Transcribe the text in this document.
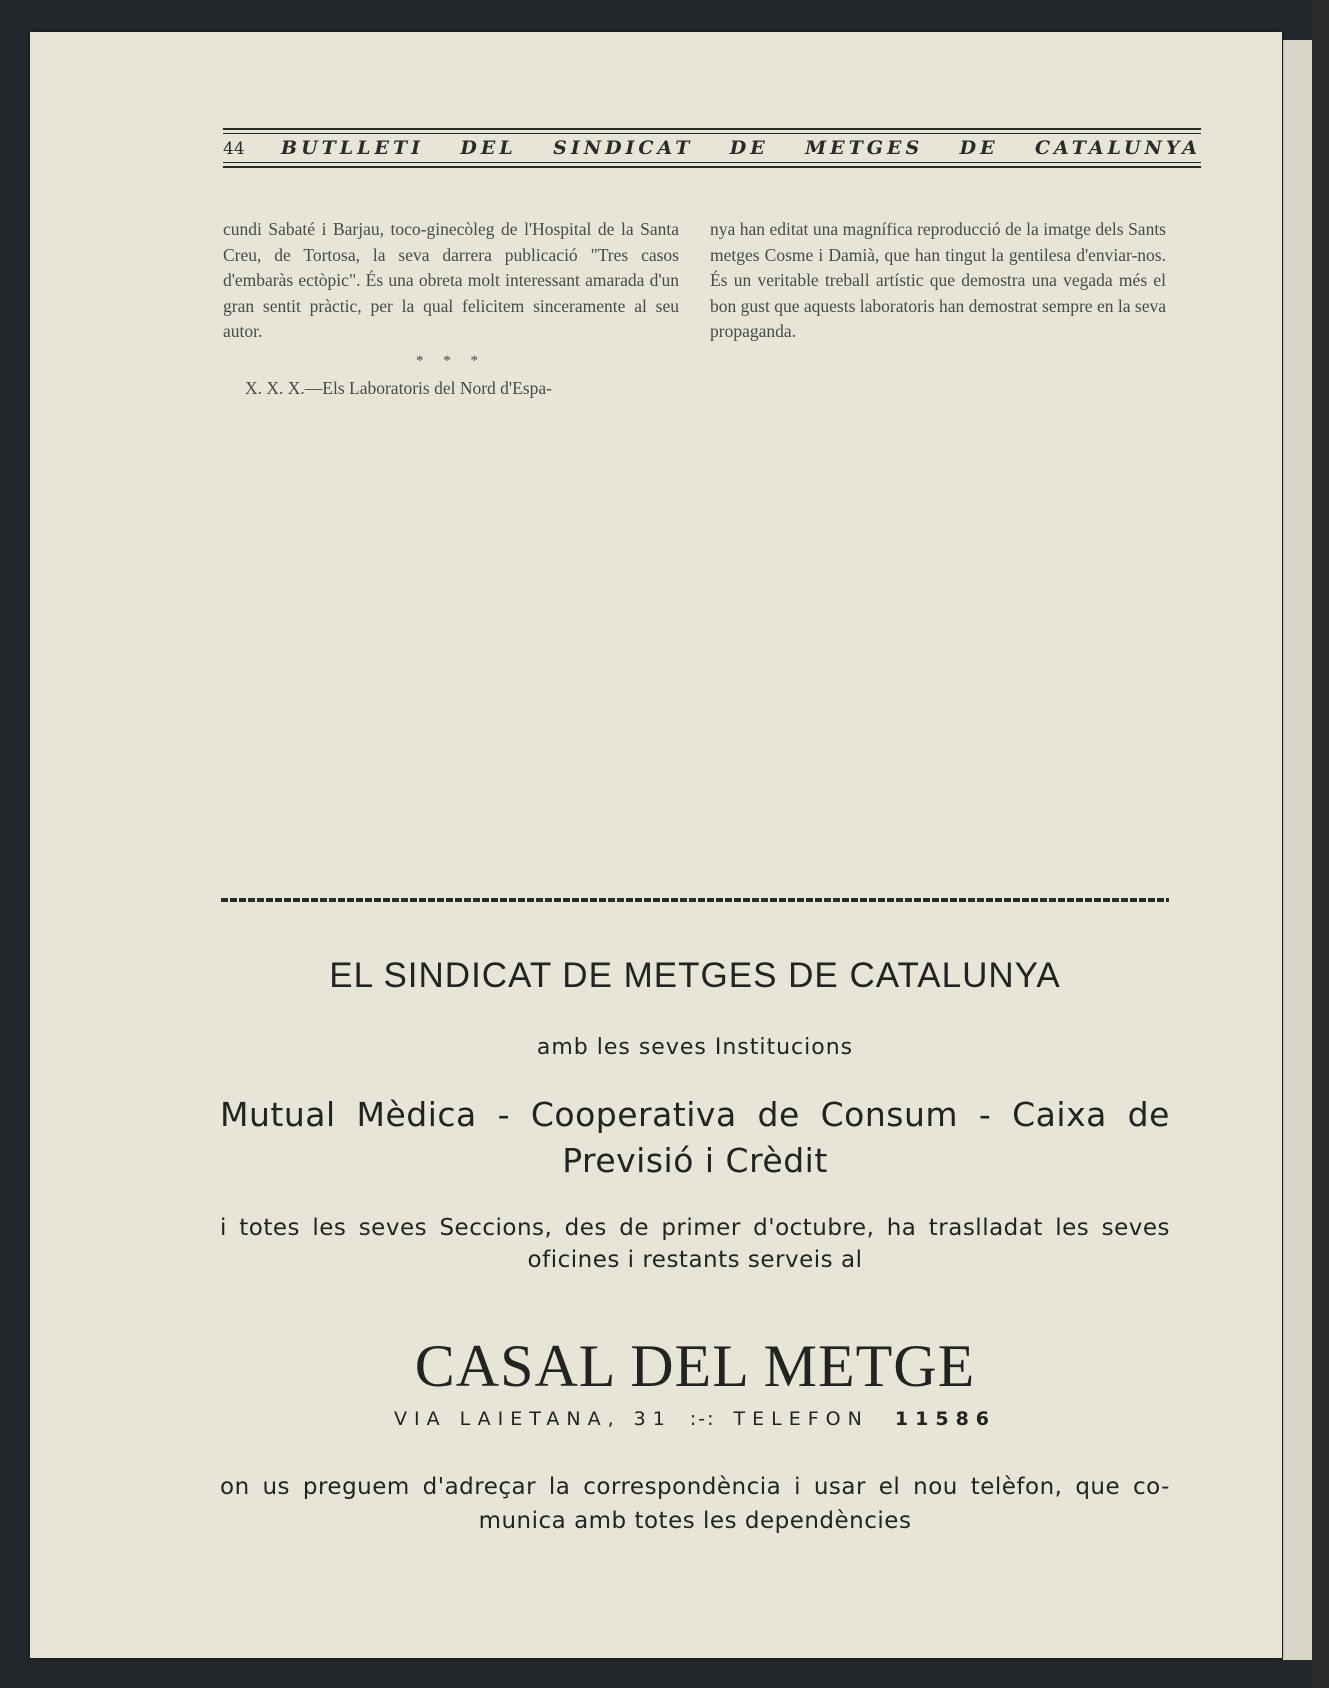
44 BUTLLETI DEL SINDICAT DE METGES DE CATALUNYA

cundi Sabaté i Barjau, toco-ginecòleg de l'Hospital de la Santa Creu, de Tortosa, la seva darrera publicació "Tres casos d'embaràs ectòpic". És una obreta molt interessant amarada d'un gran sentit pràctic, per la qual felicitem sinceramente al seu autor.

* * *

X. X. X.—Els Laboratoris del Nord d'Espa-

nya han editat una magnífica reproducció de la imatge dels Sants metges Cosme i Damià, que han tingut la gentilesa d'enviar-nos. És un veritable treball artístic que demostra una vegada més el bon gust que aquests laboratoris han demostrat sempre en la seva propaganda.

EL SINDICAT DE METGES DE CATALUNYA
amb les seves Institucions
Mutual Mèdica - Cooperativa de Consum - Caixa de
Previsió i Crèdit
i totes les seves Seccions, des de primer d'octubre, ha traslladat les seves
oficines i restants serveis al
CASAL DEL METGE
VIA LAIETANA, 31 :-: TELEFON 11586
on us preguem d'adreçar la correspondència i usar el nou telèfon, que co-
munica amb totes les dependències
